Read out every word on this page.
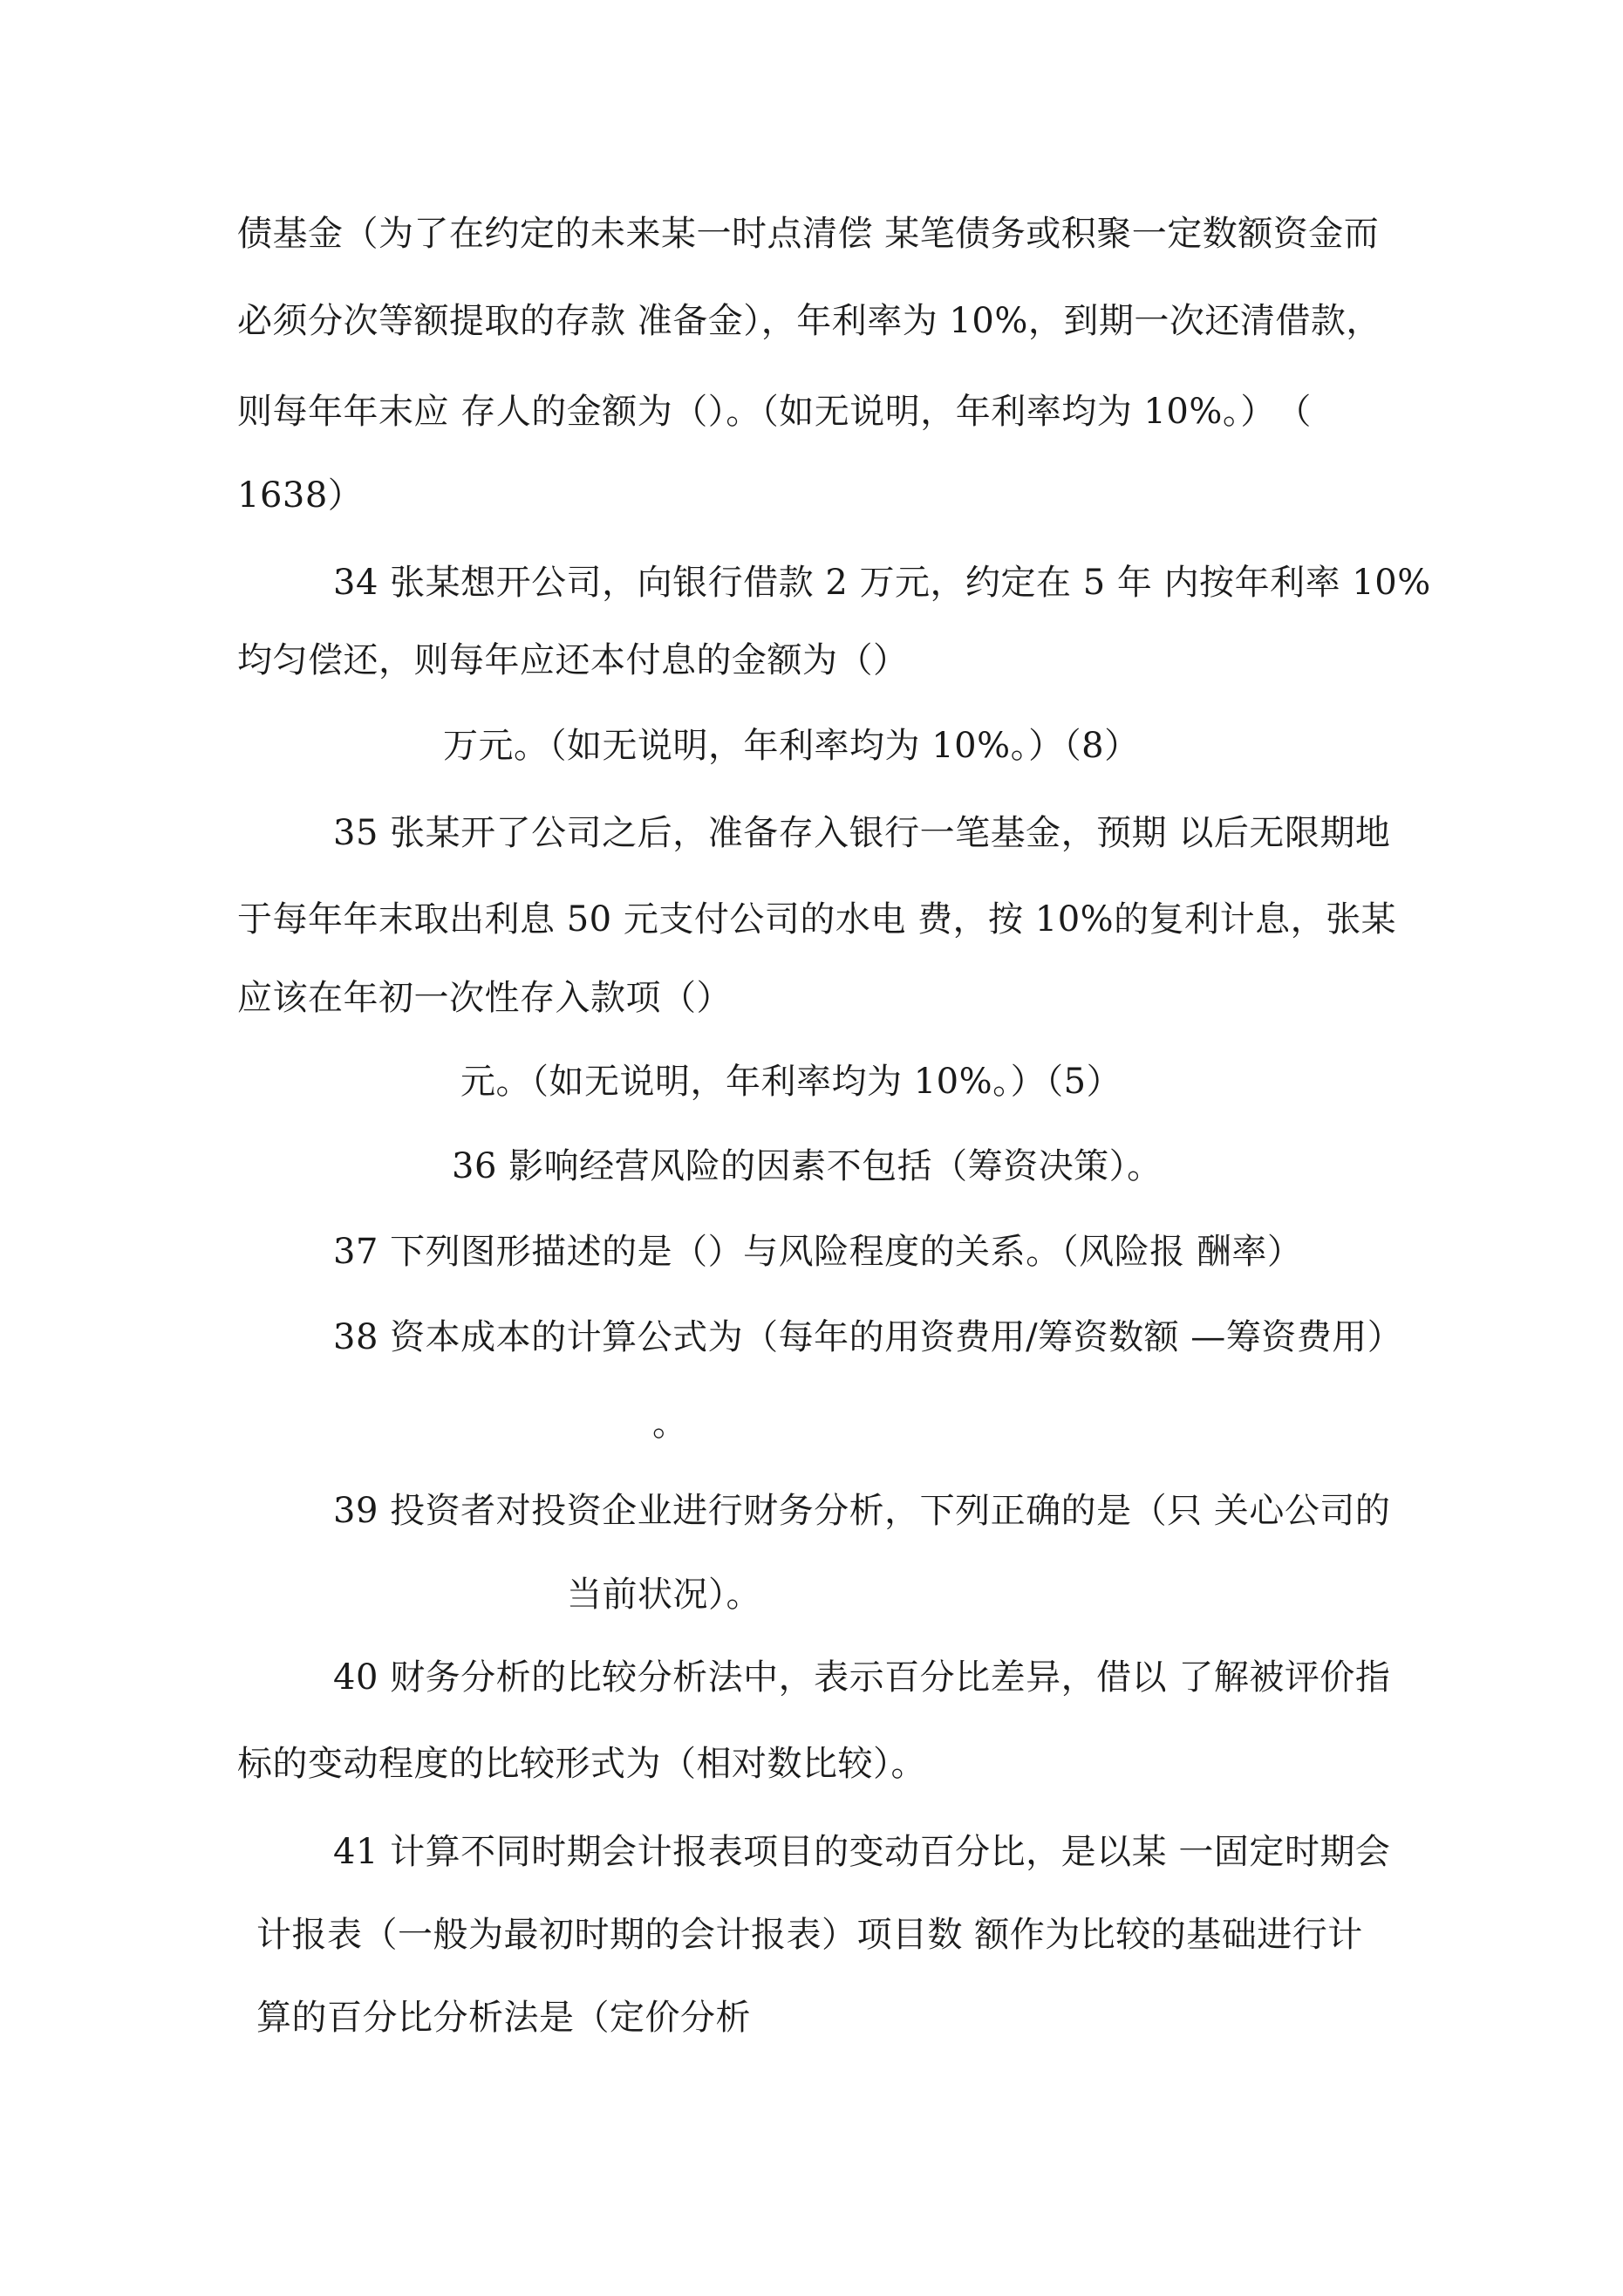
债基金（为了在约定的未来某一时点清偿 某笔债务或积聚一定数额资金而
必须分次等额提取的存款 准备金），年利率为 10%，到期一次还清借款，
则每年年末应 存人的金额为（）。（如无说明，年利率均为 10%。）　（
1638）
34 张某想开公司，向银行借款 2 万元，约定在 5 年 内按年利率 10%
均匀偿还，则每年应还本付息的金额为（）
万元。（如无说明，年利率均为 10%。）（8）
35 张某开了公司之后，准备存入银行一笔基金，预期 以后无限期地
于每年年末取出利息 50 元支付公司的水电 费，按 10%的复利计息，张某
应该在年初一次性存入款项（）
元。（如无说明，年利率均为 10%。）（5）
36 影响经营风险的因素不包括（筹资决策）。
37 下列图形描述的是（）与风险程度的关系。（风险报 酬率）
38 资本成本的计算公式为（每年的用资费用/筹资数额 —筹资费用）
。
39 投资者对投资企业进行财务分析，下列正确的是（只 关心公司的
当前状况）。
40 财务分析的比较分析法中，表示百分比差异，借以 了解被评价指
标的变动程度的比较形式为（相对数比较）。
41 计算不同时期会计报表项目的变动百分比，是以某 一固定时期会
计报表（一般为最初时期的会计报表）项目数 额作为比较的基础进行计
算的百分比分析法是（定价分析
